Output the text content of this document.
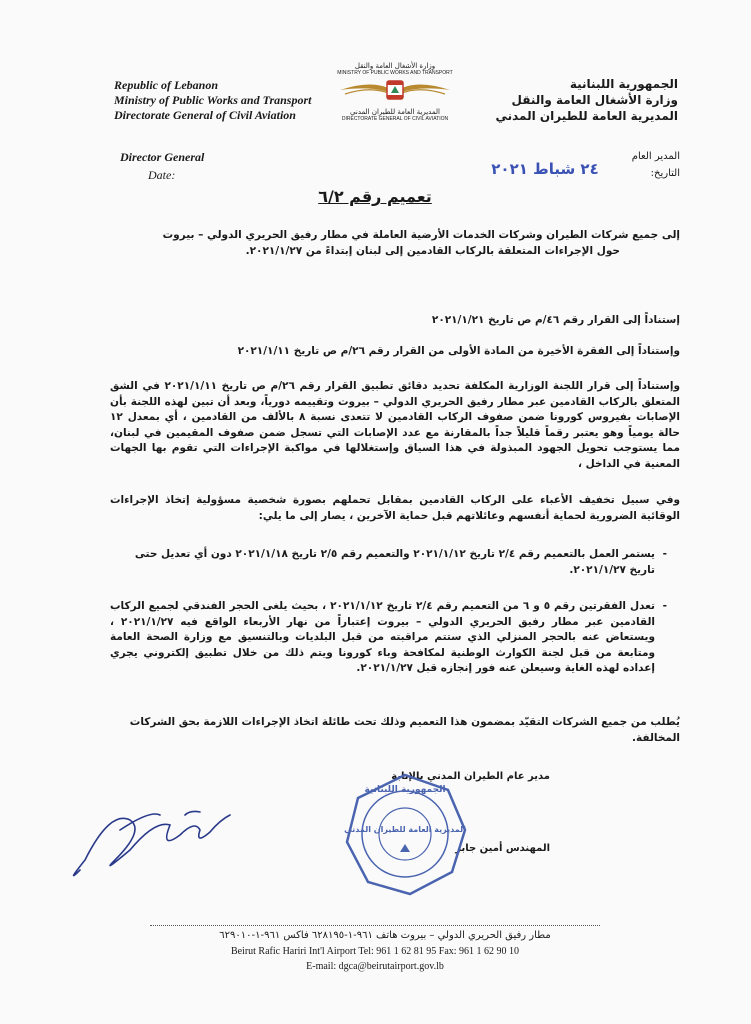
Republic of Lebanon
Ministry of Public Works and Transport
Directorate General of Civil Aviation
وزارة الأشغال العامة والنقل
MINISTRY OF PUBLIC WORKS AND TRANSPORT
المديرية العامة للطيران المدني
DIRECTORATE GENERAL OF CIVIL AVIATION
الجمهورية اللبنانية
وزارة الأشغال العامة والنقل
المديرية العامة للطيران المدني
Director General
Date:
المدير العام
التاريخ:
٢٤ شباط ٢٠٢١
تعميم رقم ٦/٢
إلى جميع شركات الطيران وشركات الخدمات الأرضية العاملة في مطار رفيق الحريري الدولي – بيروت
حول الإجراءات المتعلقة بالركاب القادمين إلى لبنان إبتداءً من ٢٠٢١/١/٢٧.
إستناداً إلى القرار رقم ٤٦/م ص تاريخ ٢٠٢١/١/٢١
وإستناداً إلى الفقرة الأخيرة من المادة الأولى من القرار رقم ٢٦/م ص تاريخ ٢٠٢١/١/١١
وإستناداً إلى قرار اللجنة الوزارية المكلفة تحديد دقائق تطبيق القرار رقم ٢٦/م ص تاريخ ٢٠٢١/١/١١ في الشق المتعلق بالركاب القادمين عبر مطار رفيق الحريري الدولي – بيروت وتقييمه دورياً، وبعد أن تبين لهذه اللجنة بأن الإصابات بفيروس كورونا ضمن صفوف الركاب القادمين لا تتعدى نسبة ٨ بالألف من القادمين ، أي بمعدل ١٢ حالة يومياً وهو يعتبر رقماً قليلاً جداً بالمقارنة مع عدد الإصابات التي تسجل ضمن صفوف المقيمين في لبنان، مما يستوجب تحويل الجهود المبذولة في هذا السياق وإستغلالها في مواكبة الإجراءات التي تقوم بها الجهات المعنية في الداخل ،
وفي سبيل تخفيف الأعباء على الركاب القادمين بمقابل تحملهم بصورة شخصية مسؤولية إتخاذ الإجراءات الوقائية الضرورية لحماية أنفسهم وعائلاتهم قبل حماية الآخرين ، يصار إلى ما يلي:
يستمر العمل بالتعميم رقم ٢/٤ تاريخ ٢٠٢١/١/١٢ والتعميم رقم ٢/٥ تاريخ ٢٠٢١/١/١٨ دون أي تعديل حتى تاريخ ٢٠٢١/١/٢٧.
-
تعدل الفقرتين رقم ٥ و ٦ من التعميم رقم ٢/٤ تاريخ ٢٠٢١/١/١٢ ، بحيث يلغى الحجر الفندقي لجميع الركاب القادمين عبر مطار رفيق الحريري الدولي – بيروت إعتباراً من نهار الأربعاء الواقع فيه ٢٠٢١/١/٢٧ ، ويستعاض عنه بالحجر المنزلي الذي ستتم مراقبته من قبل البلديات وبالتنسيق مع وزارة الصحة العامة ومتابعة من قبل لجنة الكوارث الوطنية لمكافحة وباء كورونا ويتم ذلك من خلال تطبيق إلكتروني يجري إعداده لهذه الغاية وسيعلن عنه فور إنجازه قبل ٢٠٢١/١/٢٧.
-
يُطلب من جميع الشركات التقيّد بمضمون هذا التعميم وذلك تحت طائلة اتخاذ الإجراءات اللازمة بحق الشركات المخالفة.
مدير عام الطيران المدني بالإنابة
المهندس أمين جابر
الجمهورية اللبنانية
المديرية العامة للطيران المدني
مطار رفيق الحريري الدولي – بيروت هاتف ٩٦١-١-٦٢٨١٩٥ فاكس ٩٦١-١-٦٢٩٠١٠
Beirut Rafic Hariri Int'l Airport Tel: 961 1 62 81 95 Fax: 961 1 62 90 10
E-mail: dgca@beirutairport.gov.lb
